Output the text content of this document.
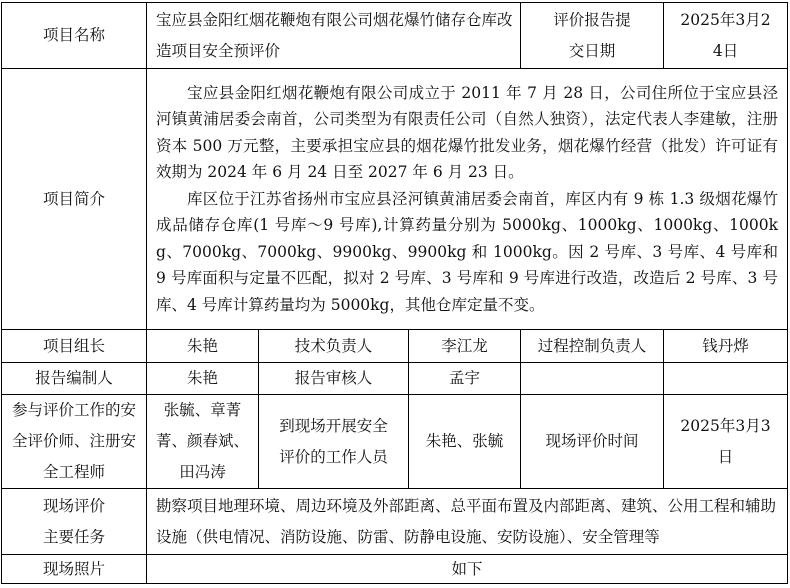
项目名称	宝应县金阳红烟花鞭炮有限公司烟花爆竹储存仓库改造项目安全预评价			评价报告提交日期	2025年3月24日
项目简介	宝应县金阳红烟花鞭炮有限公司成立于 2011 年 7 月 28 日，公司住所位于宝应县泾河镇黄浦居委会南首，公司类型为有限责任公司（自然人独资），法定代表人李建敏，注册资本 500 万元整，主要承担宝应县的烟花爆竹批发业务，烟花爆竹经营（批发）许可证有效期为 2024 年 6 月 24 日至 2027 年 6 月 23 日。

库区位于江苏省扬州市宝应县泾河镇黄浦居委会南首，库区内有 9 栋 1.3 级烟花爆竹成品储存仓库(1 号库～9 号库),计算药量分别为 5000kg、1000kg、1000kg、1000kg、7000kg、7000kg、9900kg、9900kg 和 1000kg。因 2 号库、3 号库、4 号库和 9 号库面积与定量不匹配，拟对 2 号库、3 号库和 9 号库进行改造，改造后 2 号库、3 号库、4 号库计算药量均为 5000kg，其他仓库定量不变。				

项目组长	朱艳	技术负责人	李江龙	过程控制负责人	钱丹烨
报告编制人	朱艳	报告审核人	孟宇		
参与评价工作的安全评价师、注册安全工程师	张毓、章菁菁、颜春斌、田冯涛	到现场开展安全评价的工作人员	朱艳、张毓	现场评价时间	2025年3月3日
现场评价主要任务	勘察项目地理环境、周边环境及外部距离、总平面布置及内部距离、建筑、公用工程和辅助设施（供电情况、消防设施、防雷、防静电设施、安防设施）、安全管理等				
现场照片	如下				
